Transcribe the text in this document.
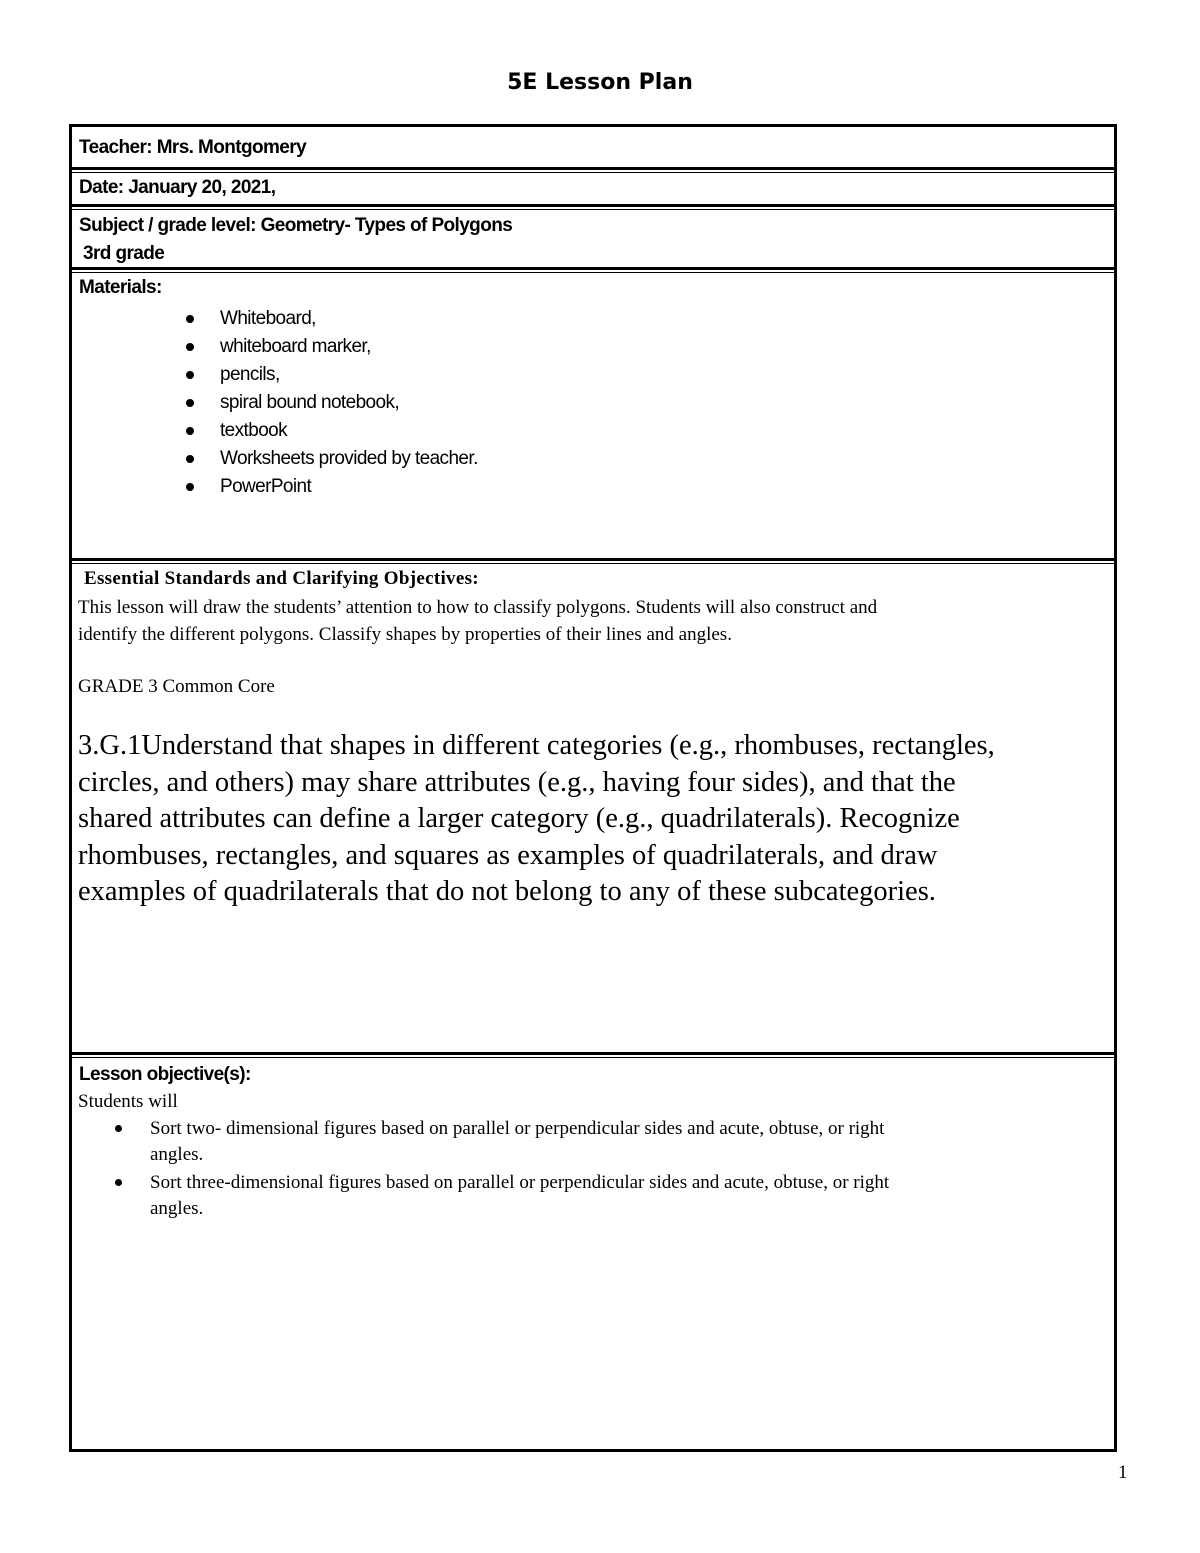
5E Lesson Plan
Teacher: Mrs. Montgomery
Date: January 20, 2021,
Subject / grade level: Geometry- Types of Polygons
3rd grade
Materials:
Whiteboard,
whiteboard marker,
pencils,
spiral bound notebook,
textbook
Worksheets provided by teacher.
PowerPoint
Essential Standards and Clarifying Objectives:
This lesson will draw the students’ attention to how to classify polygons. Students will also construct and
identify the different polygons. Classify shapes by properties of their lines and angles.
GRADE 3 Common Core
3.G.1Understand that shapes in different categories (e.g., rhombuses, rectangles,
circles, and others) may share attributes (e.g., having four sides), and that the
shared attributes can define a larger category (e.g., quadrilaterals). Recognize
rhombuses, rectangles, and squares as examples of quadrilaterals, and draw
examples of quadrilaterals that do not belong to any of these subcategories.
Lesson objective(s):
Students will
Sort two- dimensional figures based on parallel or perpendicular sides and acute, obtuse, or right
angles.
Sort three-dimensional figures based on parallel or perpendicular sides and acute, obtuse, or right
angles.
1
